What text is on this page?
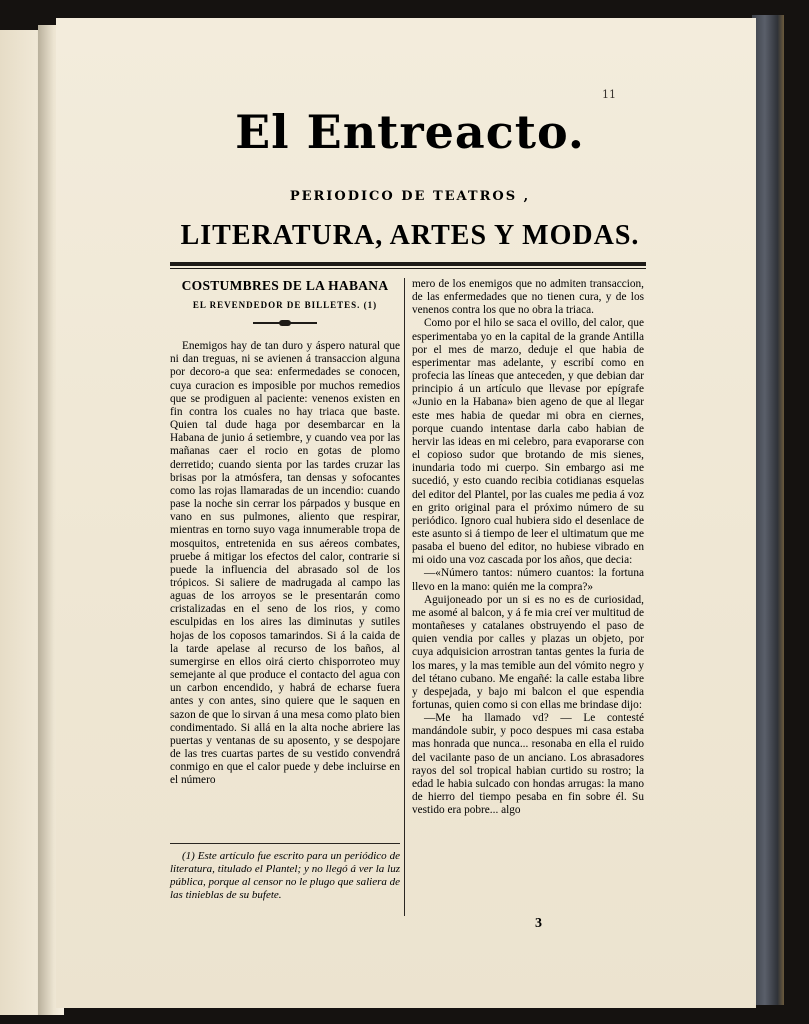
11
El Entreacto.
PERIODICO DE TEATROS ,
LITERATURA, ARTES Y MODAS.
COSTUMBRES DE LA HABANA
EL REVENDEDOR DE BILLETES. (1)

Enemigos hay de tan duro y áspero natural que ni dan treguas, ni se avienen á transaccion alguna por decoro-a que sea: enfermedades se conocen, cuya curacion es imposible por muchos remedios que se prodiguen al paciente: venenos existen en fin contra los cuales no hay triaca que baste. Quien tal dude haga por desembarcar en la Habana de junio á setiembre, y cuando vea por las mañanas caer el rocio en gotas de plomo derretido; cuando sienta por las tardes cruzar las brisas por la atmósfera, tan densas y sofocantes como las rojas llamaradas de un incendio: cuando pase la noche sin cerrar los párpados y busque en vano en sus pulmones, aliento que respirar, mientras en torno suyo vaga innumerable tropa de mosquitos, entretenida en sus aéreos combates, pruebe á mitigar los efectos del calor, contrarie si puede la influencia del abrasado sol de los trópicos. Si saliere de madrugada al campo las aguas de los arroyos se le presentarán como cristalizadas en el seno de los rios, y como esculpidas en los aires las diminutas y sutiles hojas de los coposos tamarindos. Si á la caida de la tarde apelase al recurso de los baños, al sumergirse en ellos oirá cierto chisporroteo muy semejante al que produce el contacto del agua con un carbon encendido, y habrá de echarse fuera antes y con antes, sino quiere que le saquen en sazon de que lo sirvan á una mesa como plato bien condimentado. Si allá en la alta noche abriere las puertas y ventanas de su aposento, y se despojare de las tres cuartas partes de su vestido convendrá conmigo en que el calor puede y debe incluirse en el número

(1) Este artículo fue escrito para un periódico de literatura, titulado el Plantel; y no llegó á ver la luz pública, porque al censor no le plugo que saliera de las tinieblas de su bufete.

mero de los enemigos que no admiten transaccion, de las enfermedades que no tienen cura, y de los venenos contra los que no obra la triaca.

Como por el hilo se saca el ovillo, del calor, que esperimentaba yo en la capital de la grande Antilla por el mes de marzo, deduje el que habia de esperimentar mas adelante, y escribí como en profecia las líneas que anteceden, y que debian dar principio á un artículo que llevase por epígrafe «Junio en la Habana» bien ageno de que al llegar este mes habia de quedar mi obra en ciernes, porque cuando intentase darla cabo habian de hervir las ideas en mi celebro, para evaporarse con el copioso sudor que brotando de mis sienes, inundaria todo mi cuerpo. Sin embargo asi me sucedió, y esto cuando recibia cotidianas esquelas del editor del Plantel, por las cuales me pedia á voz en grito original para el próximo número de su periódico. Ignoro cual hubiera sido el desenlace de este asunto si á tiempo de leer el ultimatum que me pasaba el bueno del editor, no hubiese vibrado en mi oido una voz cascada por los años, que decia:

—«Número tantos: número cuantos: la fortuna llevo en la mano: quién me la compra?»

Aguijoneado por un si es no es de curiosidad, me asomé al balcon, y á fe mia creí ver multitud de montañeses y catalanes obstruyendo el paso de quien vendia por calles y plazas un objeto, por cuya adquisicion arrostran tantas gentes la furia de los mares, y la mas temible aun del vómito negro y del tétano cubano. Me engañé: la calle estaba libre y despejada, y bajo mi balcon el que espendia fortunas, quien como si con ellas me brindase dijo:

—Me ha llamado vd? — Le contesté mandándole subir, y poco despues mi casa estaba mas honrada que nunca... resonaba en ella el ruido del vacilante paso de un anciano. Los abrasadores rayos del sol tropical habian curtido su rostro; la edad le habia sulcado con hondas arrugas: la mano de hierro del tiempo pesaba en fin sobre él. Su vestido era pobre... algo

3
